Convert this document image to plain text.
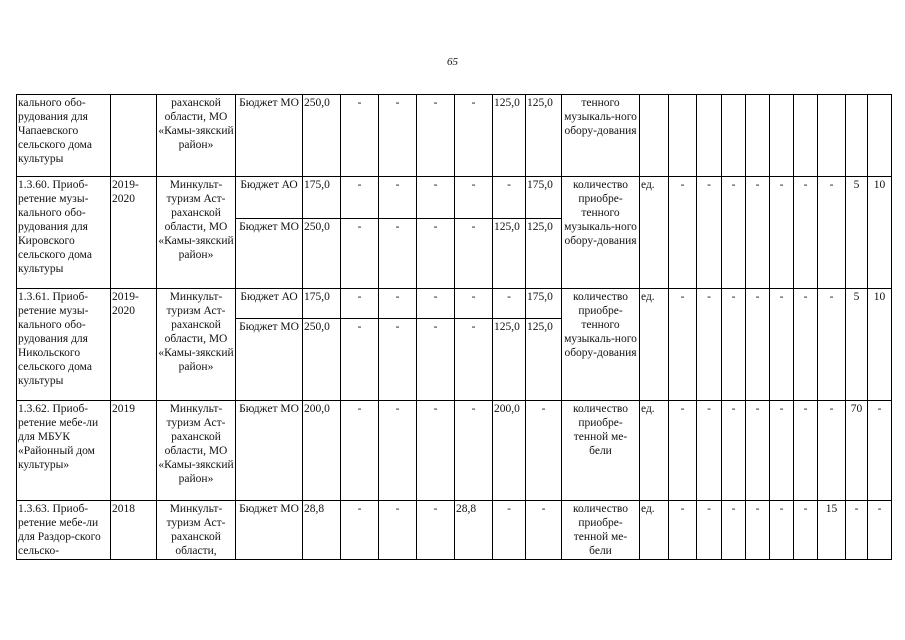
65
кального обо-рудования для Чапаевского сельского дома культуры		раханской области, МО «Камы-зякский район»	Бюджет МО	250,0	-	-	-	-	125,0	125,0	тенного музыкаль-ного обору-дования										
1.3.60. Приоб-ретение музы-кального обо-рудования для Кировского сельского дома культуры	2019-2020	Минкульт-туризм Аст-раханской области, МО «Камы-зякский район»	Бюджет АО	175,0	-	-	-	-	-	175,0	количество приобре-тенного музыкаль-ного обору-дования	ед.	-	-	-	-	-	-	-	5	10
			Бюджет МО	250,0	-	-	-	-	125,0	125,0											
1.3.61. Приоб-ретение музы-кального обо-рудования для Никольского сельского дома культуры	2019-2020	Минкульт-туризм Аст-раханской области, МО «Камы-зякский район»	Бюджет АО	175,0	-	-	-	-	-	175,0	количество приобре-тенного музыкаль-ного обору-дования	ед.	-	-	-	-	-	-	-	5	10
			Бюджет МО	250,0	-	-	-	-	125,0	125,0											
1.3.62. Приоб-ретение мебе-ли для МБУК «Районный дом культуры»	2019	Минкульт-туризм Аст-раханской области, МО «Камы-зякский район»	Бюджет МО	200,0	-	-	-	-	200,0	-	количество приобре-тенной ме-бели	ед.	-	-	-	-	-	-	-	70	-
1.3.63. Приоб-ретение мебе-ли для Раздор-ского сельско-	2018	Минкульт-туризм Аст-раханской области,	Бюджет МО	28,8	-	-	-	28,8	-	-	количество приобре-тенной ме-бели	ед.	-	-	-	-	-	-	15	-	-
